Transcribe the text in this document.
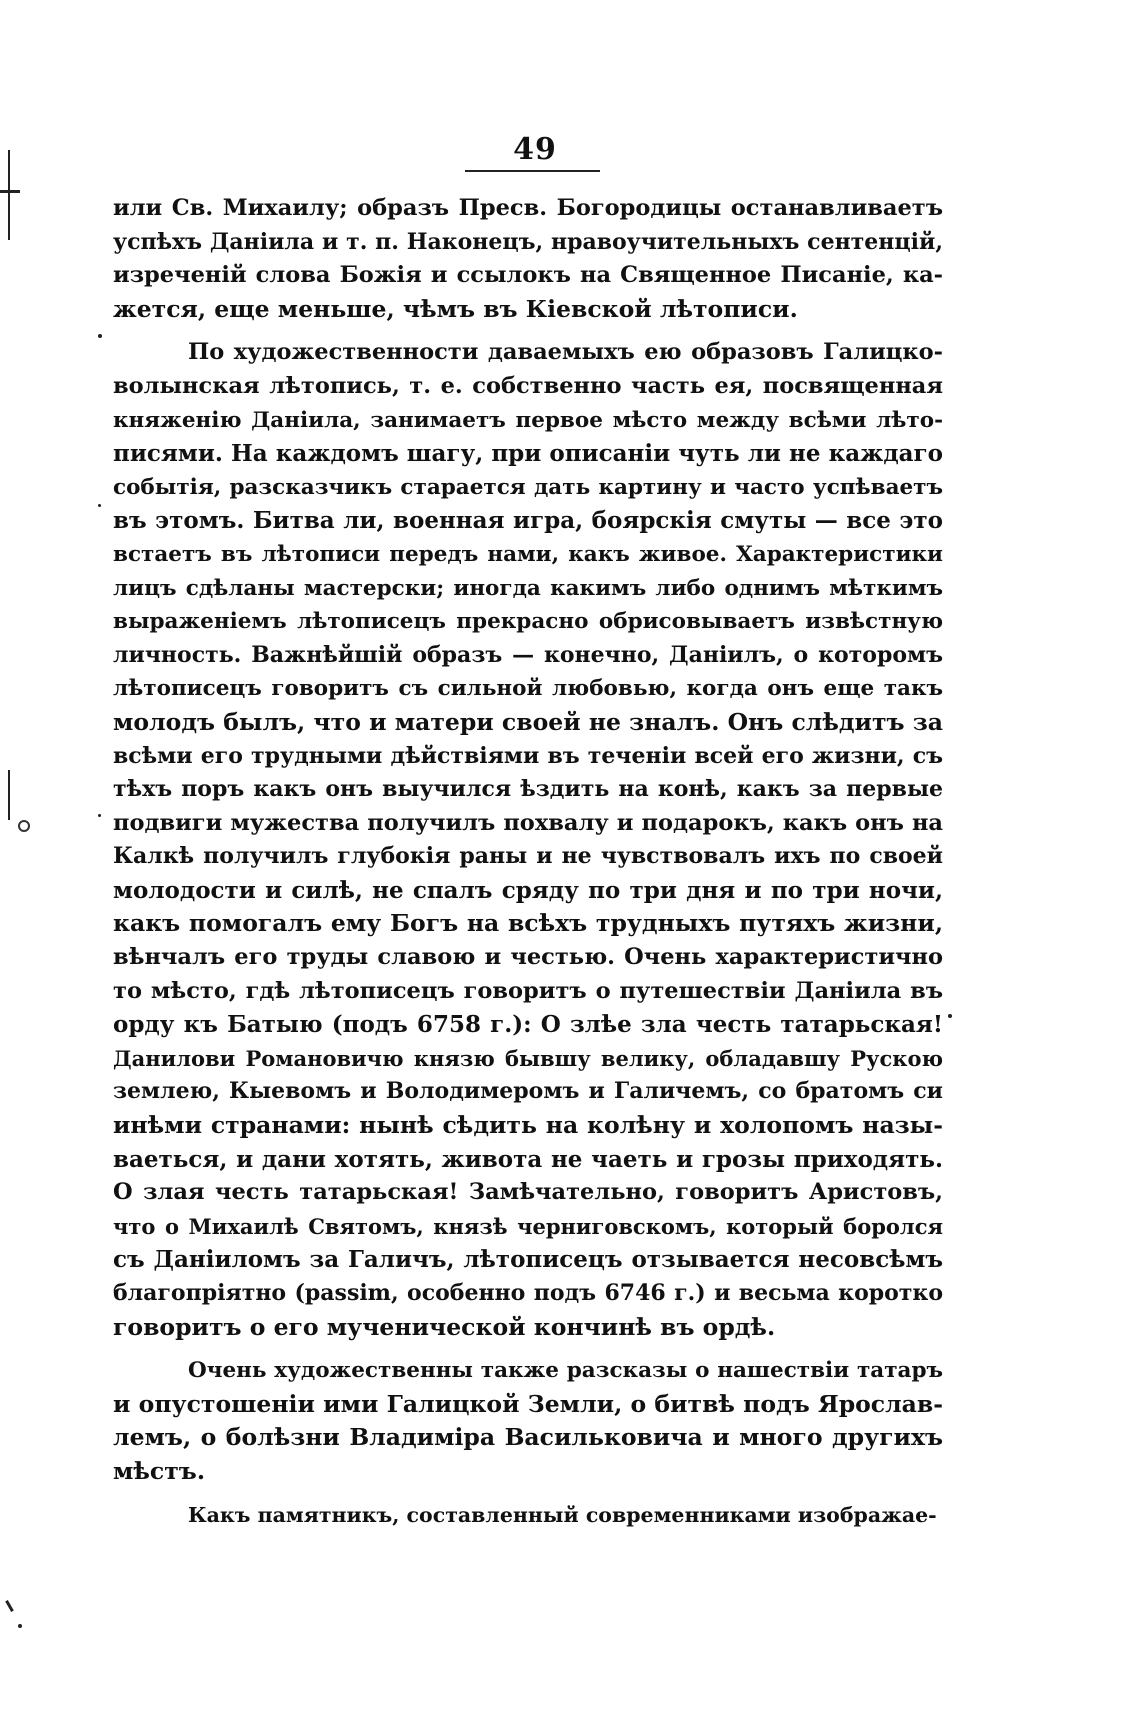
49
или Св. Михаилу; образъ Пресв. Богородицы останавливаетъ
успѣхъ Даніила и т. п. Наконецъ, нравоучительныхъ сентенцій,
изреченій слова Божія и ссылокъ на Священное Писаніе, ка-
жется, еще меньше, чѣмъ въ Кіевской лѣтописи.
По художественности даваемыхъ ею образовъ Галицко-
волынская лѣтопись, т. е. собственно часть ея, посвященная
княженію Даніила, занимаетъ первое мѣсто между всѣми лѣто-
писями. На каждомъ шагу, при описаніи чуть ли не каждаго
событія, разсказчикъ старается дать картину и часто успѣваетъ
въ этомъ. Битва ли, военная игра, боярскія смуты — все это
встаетъ въ лѣтописи передъ нами, какъ живое. Характеристики
лицъ сдѣланы мастерски; иногда какимъ либо однимъ мѣткимъ
выраженіемъ лѣтописецъ прекрасно обрисовываетъ извѣстную
личность. Важнѣйшій образъ — конечно, Даніилъ, о которомъ
лѣтописецъ говоритъ съ сильной любовью, когда онъ еще такъ
молодъ былъ, что и матери своей не зналъ. Онъ слѣдитъ за
всѣми его трудными дѣйствіями въ теченіи всей его жизни, съ
тѣхъ поръ какъ онъ выучился ѣздить на конѣ, какъ за первые
подвиги мужества получилъ похвалу и подарокъ, какъ онъ на
Калкѣ получилъ глубокія раны и не чувствовалъ ихъ по своей
молодости и силѣ, не спалъ сряду по три дня и по три ночи,
какъ помогалъ ему Богъ на всѣхъ трудныхъ путяхъ жизни,
вѣнчалъ его труды славою и честью. Очень характеристично
то мѣсто, гдѣ лѣтописецъ говоритъ о путешествіи Даніила въ
орду къ Батыю (подъ 6758 г.): О злѣе зла честь татарьская!
Данилови Романовичю князю бывшу велику, обладавшу Рускою
землею, Кыевомъ и Володимеромъ и Галичемъ, со братомъ си
инѣми странами: нынѣ сѣдить на колѣну и холопомъ назы-
ваеться, и дани хотять, живота не чаеть и грозы приходять.
О злая честь татарьская! Замѣчательно, говоритъ Аристовъ,
что о Михаилѣ Святомъ, князѣ черниговскомъ, который боролся
съ Даніиломъ за Галичъ, лѣтописецъ отзывается несовсѣмъ
благопріятно (passim, особенно подъ 6746 г.) и весьма коротко
говоритъ о его мученической кончинѣ въ ордѣ.
Очень художественны также разсказы о нашествіи татаръ
и опустошеніи ими Галицкой Земли, о битвѣ подъ Ярослав-
лемъ, о болѣзни Владиміра Васильковича и много другихъ
мѣстъ.
Какъ памятникъ, составленный современниками изображае-
